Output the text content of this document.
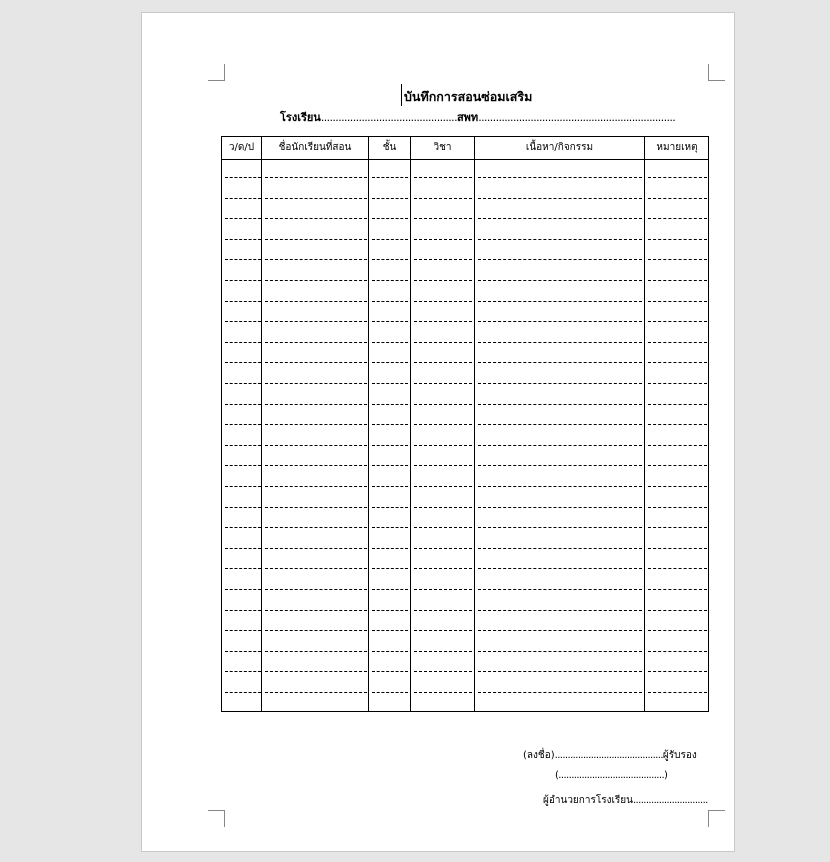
บันทึกการสอนซ่อมเสริม
โรงเรียน...............................................สพท....................................................................
ว/ด/ป	ชื่อนักเรียนที่สอน	ชั้น	วิชา	เนื้อหา/กิจกรรม	หมายเหตุ
(ลงชื่อ)..........................................ผู้รับรอง
(.........................................)
ผู้อำนวยการโรงเรียน.............................
